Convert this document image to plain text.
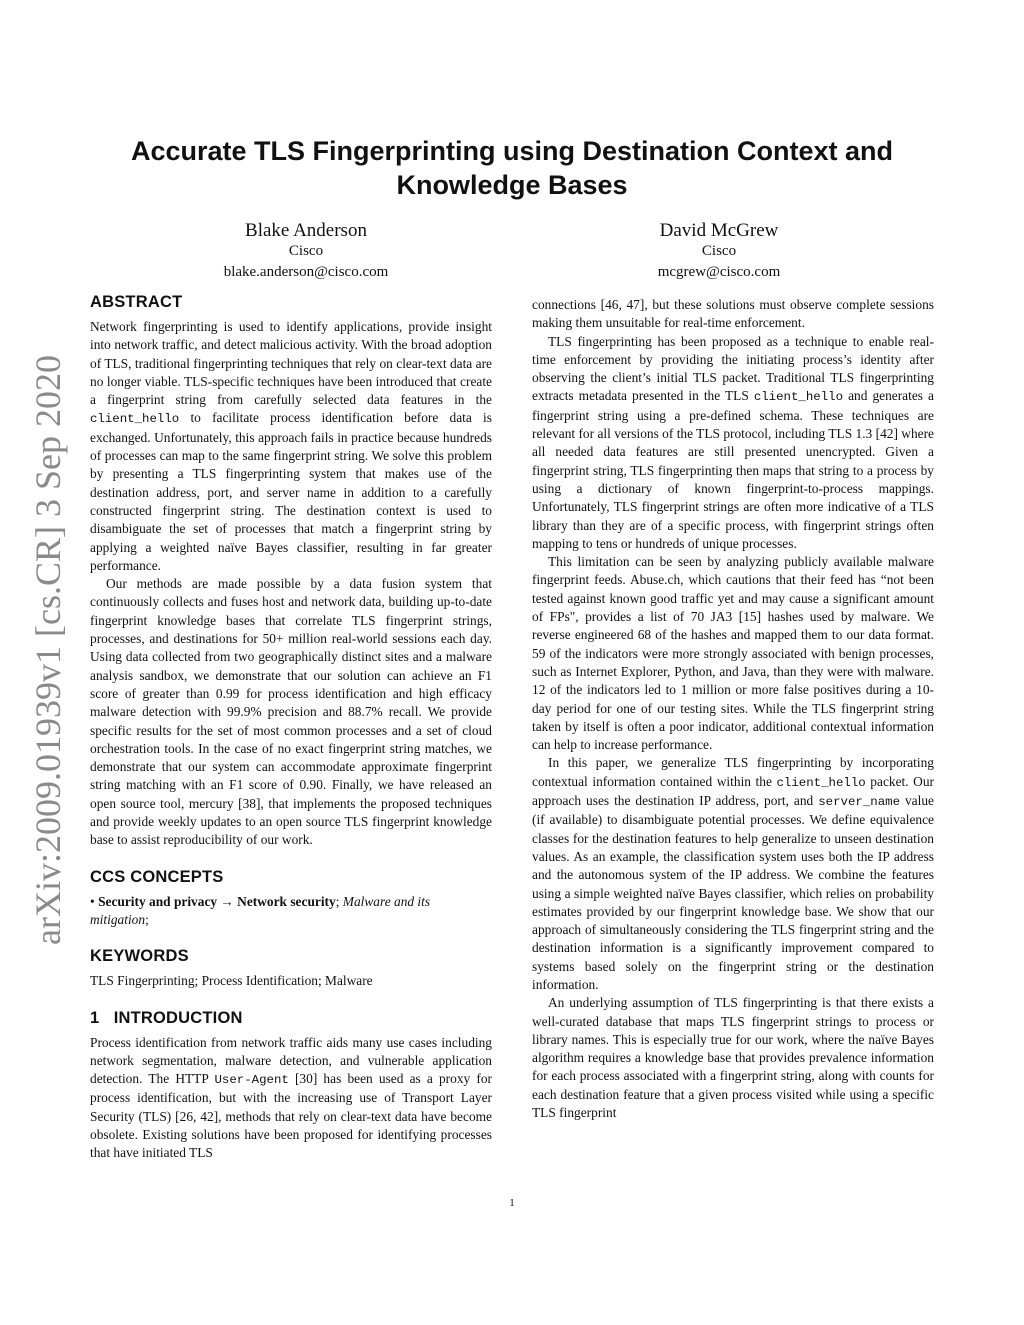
arXiv:2009.01939v1 [cs.CR] 3 Sep 2020
Accurate TLS Fingerprinting using Destination Context and Knowledge Bases
Blake Anderson
Cisco
blake.anderson@cisco.com
David McGrew
Cisco
mcgrew@cisco.com
ABSTRACT

Network fingerprinting is used to identify applications, provide insight into network traffic, and detect malicious activity. With the broad adoption of TLS, traditional fingerprinting techniques that rely on clear-text data are no longer viable. TLS-specific techniques have been introduced that create a fingerprint string from carefully selected data features in the client_hello to facilitate process identification before data is exchanged. Unfortunately, this approach fails in practice because hundreds of processes can map to the same fingerprint string. We solve this problem by presenting a TLS fingerprinting system that makes use of the destination address, port, and server name in addition to a carefully constructed fingerprint string. The destination context is used to disambiguate the set of processes that match a fingerprint string by applying a weighted naïve Bayes classifier, resulting in far greater performance.

Our methods are made possible by a data fusion system that continuously collects and fuses host and network data, building up-to-date fingerprint knowledge bases that correlate TLS fingerprint strings, processes, and destinations for 50+ million real-world sessions each day. Using data collected from two geographically distinct sites and a malware analysis sandbox, we demonstrate that our solution can achieve an F1 score of greater than 0.99 for process identification and high efficacy malware detection with 99.9% precision and 88.7% recall. We provide specific results for the set of most common processes and a set of cloud orchestration tools. In the case of no exact fingerprint string matches, we demonstrate that our system can accommodate approximate fingerprint string matching with an F1 score of 0.90. Finally, we have released an open source tool, mercury [38], that implements the proposed techniques and provide weekly updates to an open source TLS fingerprint knowledge base to assist reproducibility of our work.

CCS CONCEPTS

• Security and privacy → Network security; Malware and its mitigation;

KEYWORDS

TLS Fingerprinting; Process Identification; Malware

1   INTRODUCTION

Process identification from network traffic aids many use cases including network segmentation, malware detection, and vulnerable application detection. The HTTP User-Agent [30] has been used as a proxy for process identification, but with the increasing use of Transport Layer Security (TLS) [26, 42], methods that rely on clear-text data have become obsolete. Existing solutions have been proposed for identifying processes that have initiated TLS

connections [46, 47], but these solutions must observe complete sessions making them unsuitable for real-time enforcement.

TLS fingerprinting has been proposed as a technique to enable real-time enforcement by providing the initiating process’s identity after observing the client’s initial TLS packet. Traditional TLS fingerprinting extracts metadata presented in the TLS client_hello and generates a fingerprint string using a pre-defined schema. These techniques are relevant for all versions of the TLS protocol, including TLS 1.3 [42] where all needed data features are still presented unencrypted. Given a fingerprint string, TLS fingerprinting then maps that string to a process by using a dictionary of known fingerprint-to-process mappings. Unfortunately, TLS fingerprint strings are often more indicative of a TLS library than they are of a specific process, with fingerprint strings often mapping to tens or hundreds of unique processes.

This limitation can be seen by analyzing publicly available malware fingerprint feeds. Abuse.ch, which cautions that their feed has “not been tested against known good traffic yet and may cause a significant amount of FPs", provides a list of 70 JA3 [15] hashes used by malware. We reverse engineered 68 of the hashes and mapped them to our data format. 59 of the indicators were more strongly associated with benign processes, such as Internet Explorer, Python, and Java, than they were with malware. 12 of the indicators led to 1 million or more false positives during a 10-day period for one of our testing sites. While the TLS fingerprint string taken by itself is often a poor indicator, additional contextual information can help to increase performance.

In this paper, we generalize TLS fingerprinting by incorporating contextual information contained within the client_hello packet. Our approach uses the destination IP address, port, and server_name value (if available) to disambiguate potential processes. We define equivalence classes for the destination features to help generalize to unseen destination values. As an example, the classification system uses both the IP address and the autonomous system of the IP address. We combine the features using a simple weighted naïve Bayes classifier, which relies on probability estimates provided by our fingerprint knowledge base. We show that our approach of simultaneously considering the TLS fingerprint string and the destination information is a significantly improvement compared to systems based solely on the fingerprint string or the destination information.

An underlying assumption of TLS fingerprinting is that there exists a well-curated database that maps TLS fingerprint strings to process or library names. This is especially true for our work, where the naïve Bayes algorithm requires a knowledge base that provides prevalence information for each process associated with a fingerprint string, along with counts for each destination feature that a given process visited while using a specific TLS fingerprint

1
